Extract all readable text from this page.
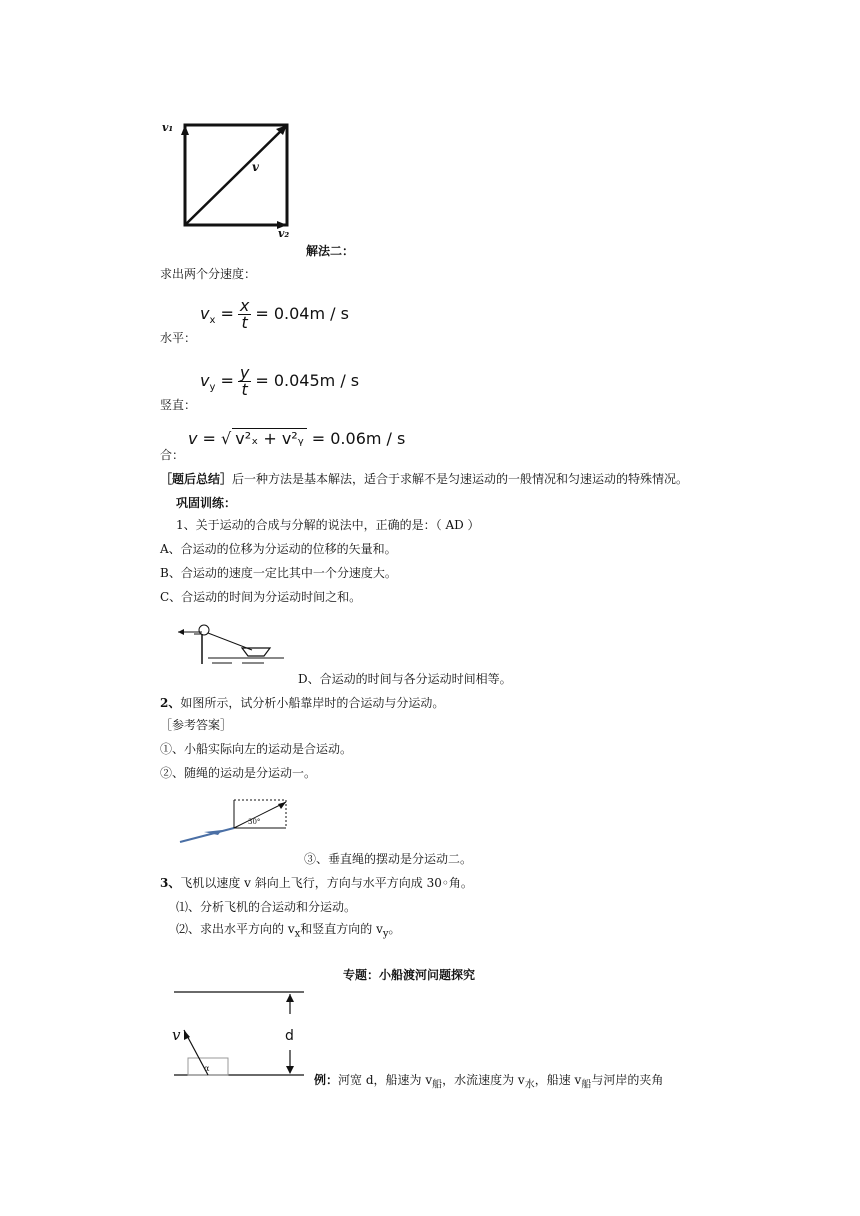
v₁
v
v₂
解法二：
求出两个分速度：
水平：
$v_x = \frac{x}{t} = 0.04m / s$
竖直：
$v_y = \frac{y}{t} = 0.045m / s$
合：
v = √ v²ₓ + v²ᵧ = 0.06m / s
［题后总结］后一种方法是基本解法，适合于求解不是匀速运动的一般情况和匀速运动的特殊情况。
巩固训练：
1、关于运动的合成与分解的说法中，正确的是：（ AD ）
A、合运动的位移为分运动的位移的矢量和。
B、合运动的速度一定比其中一个分速度大。
C、合运动的时间为分运动时间之和。
D、合运动的时间与各分运动时间相等。
2、如图所示，试分析小船靠岸时的合运动与分运动。
［参考答案］
①、小船实际向左的运动是合运动。
②、随绳的运动是分运动一。
30°
③、垂直绳的摆动是分运动二。
3、飞机以速度 v 斜向上飞行，方向与水平方向成 30◦角。
⑴、分析飞机的合运动和分运动。
⑵、求出水平方向的 $v_x$和竖直方向的 $v_y$。
专题：小船渡河问题探究
v	d
α
例：河宽 d，船速为 $v_船$，水流速度为 $v_水$，船速 $v_船$与河岸的夹角
